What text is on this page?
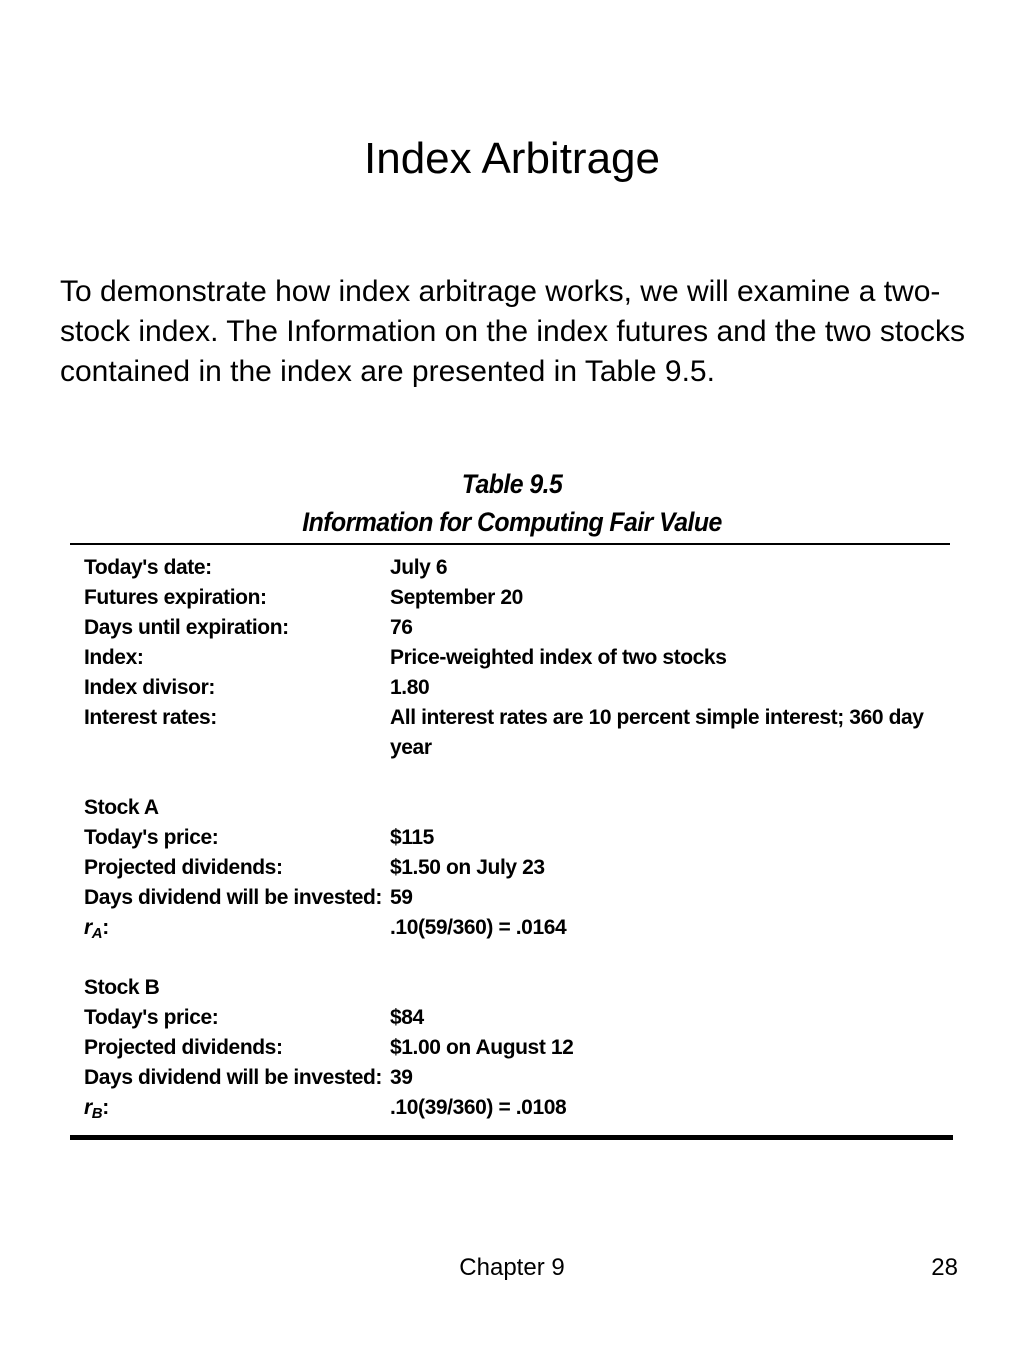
Index Arbitrage

To demonstrate how index arbitrage works, we will examine a two-stock index. The Information on the index futures and the two stocks contained in the index are presented in Table 9.5.

Table 9.5
Information for Computing Fair Value
Today's date:	July 6
Futures expiration:	September 20
Days until expiration:	76
Index:	Price-weighted index of two stocks
Index divisor:	1.80
Interest rates:	All interest rates are 10 percent simple interest; 360 day year
Stock A
Today's price:	$115
Projected dividends:	$1.50 on July 23
Days dividend will be invested: 59
$r_A$:	.10(59/360) = .0164
Stock B
Today's price:	$84
Projected dividends:	$1.00 on August 12
Days dividend will be invested: 39
$r_B$:	.10(39/360) = .0108
Chapter 9	28
